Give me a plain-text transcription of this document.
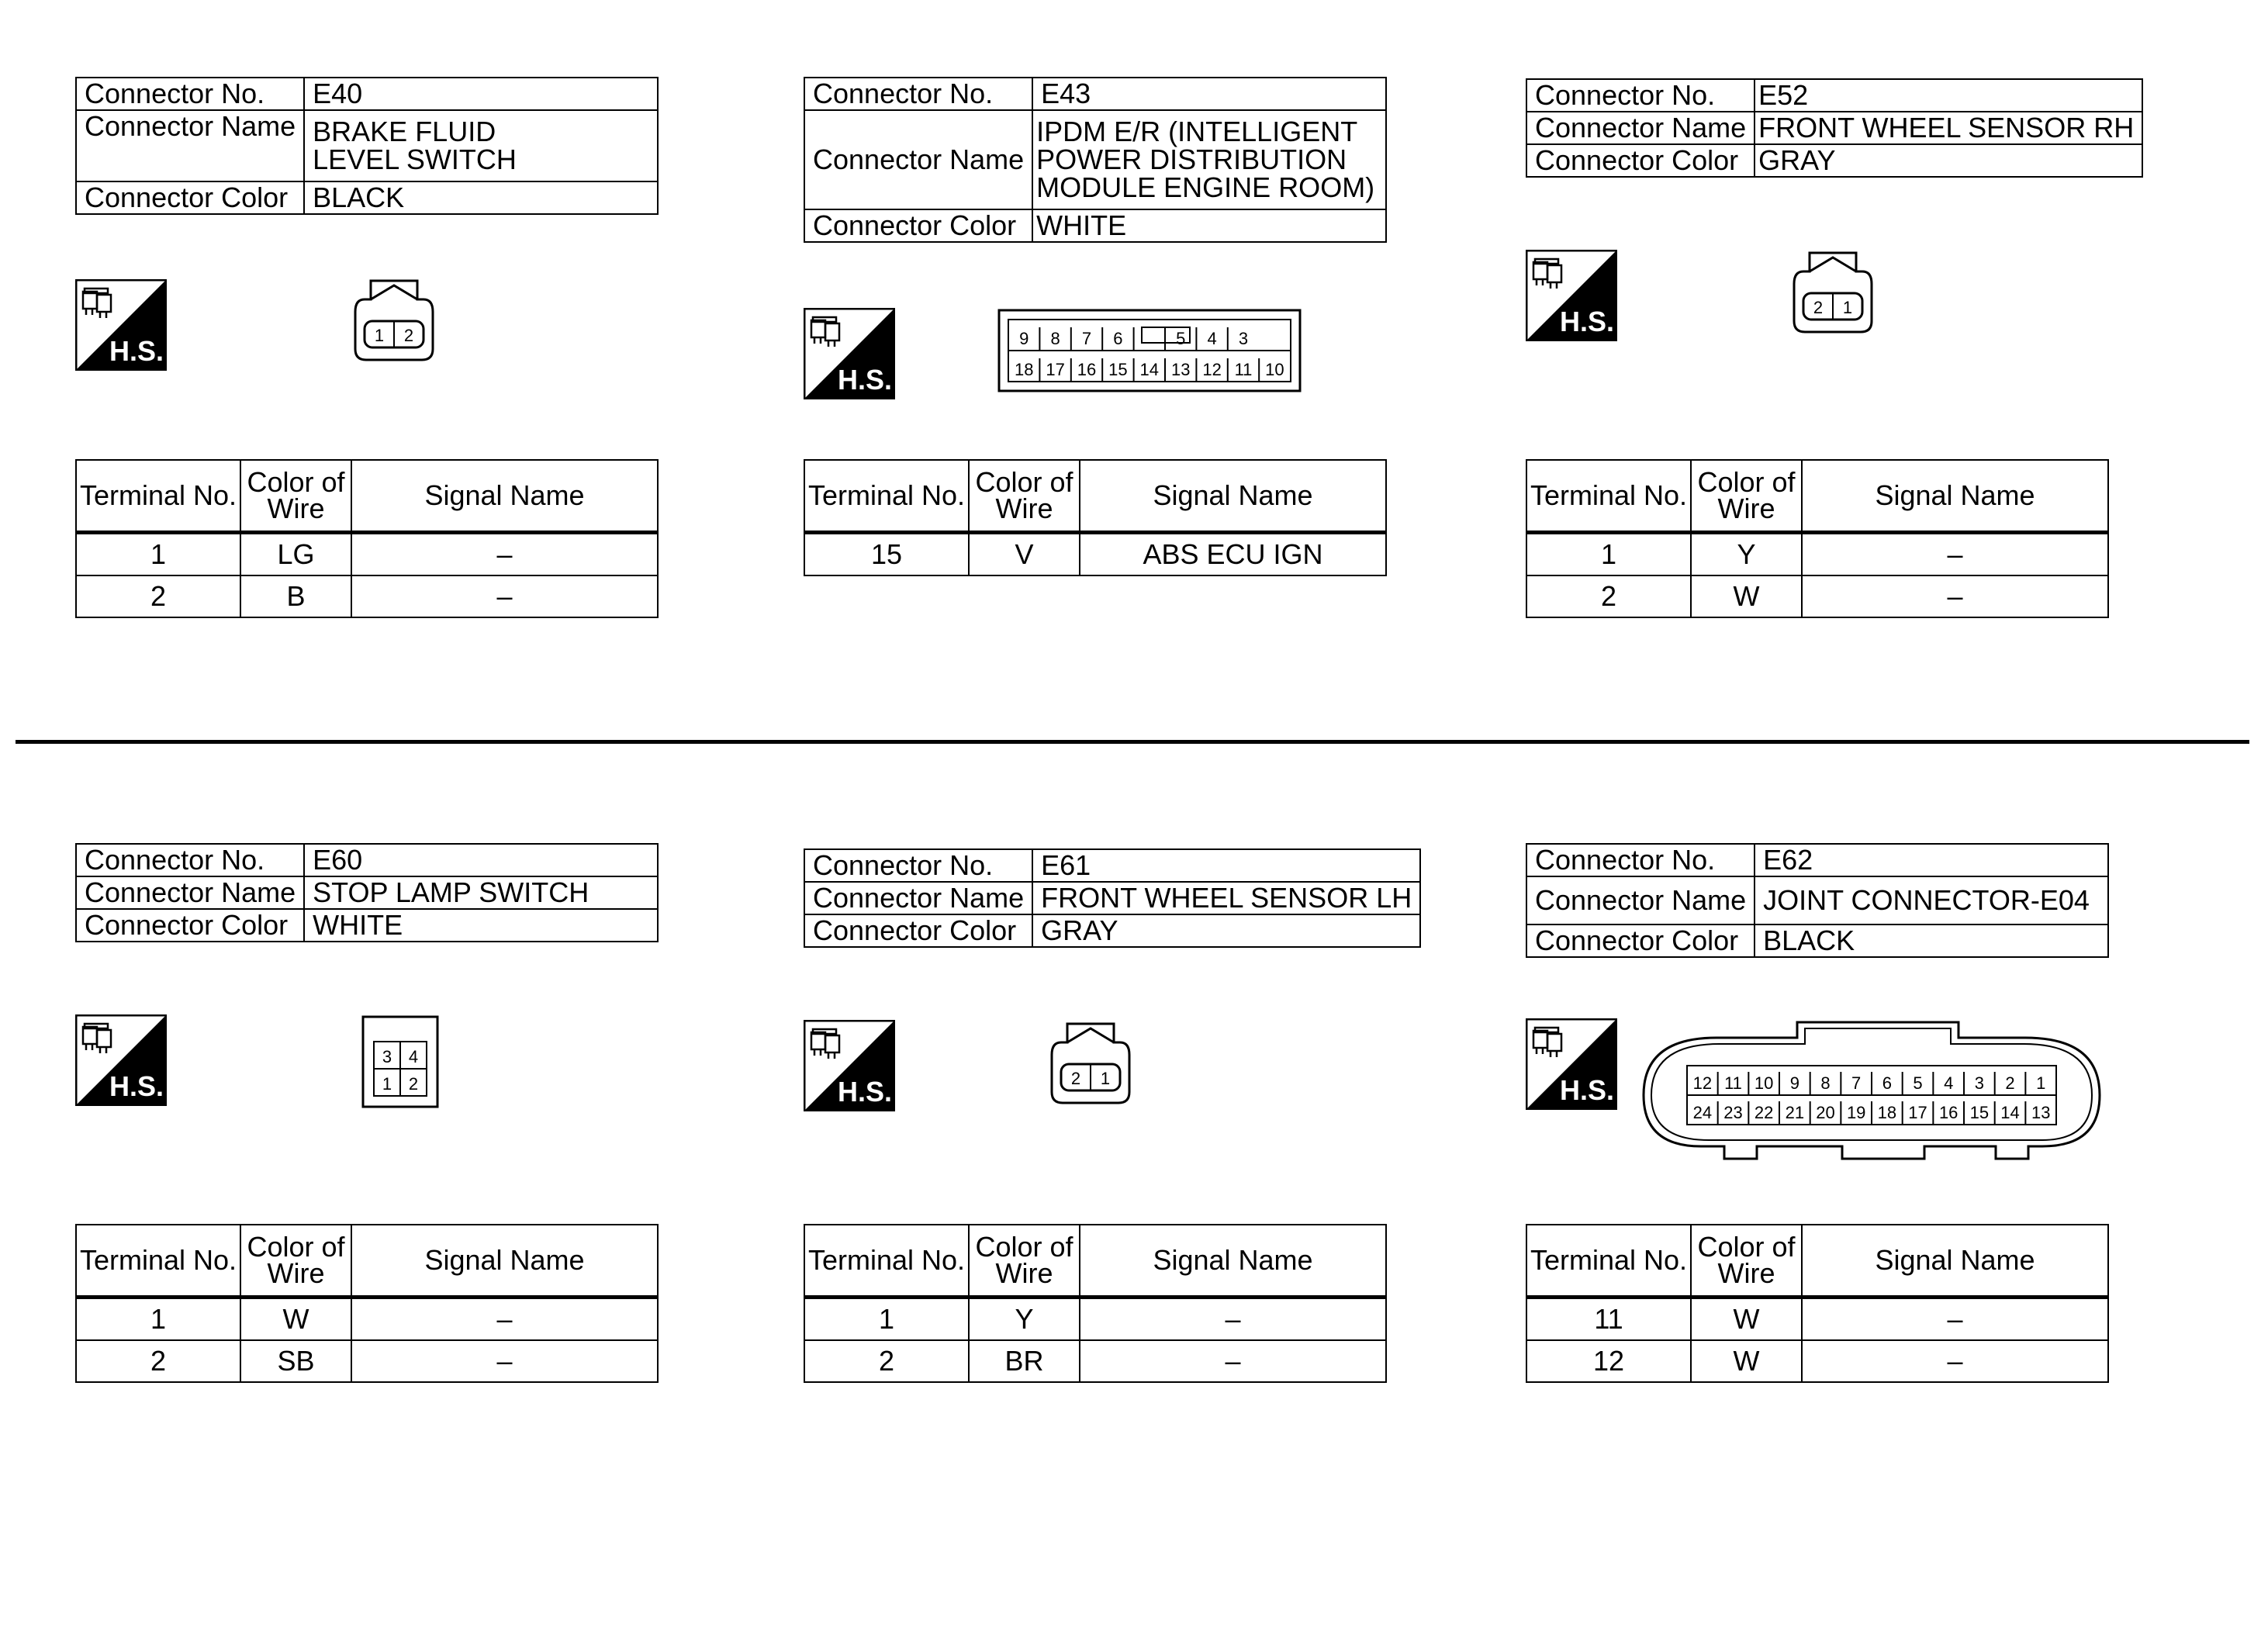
Connector No.	E40
Connector Name	BRAKE FLUID LEVEL SWITCH
Connector Color	BLACK
1 2
Terminal No.	Color of Wire	Signal Name
1	LG	–
2	B	–
Connector No.	E43
Connector Name	IPDM E/R (INTELLIGENT POWER DISTRIBUTION MODULE ENGINE ROOM)
Connector Color	WHITE
9 8 7 6	5 4 3
18 17 16 15 14 13 12 11 10
Terminal No.	Color of Wire	Signal Name
15	V	ABS ECU IGN
Connector No.	E52
Connector Name	FRONT WHEEL SENSOR RH
Connector Color	GRAY
2 1
Terminal No.	Color of Wire	Signal Name
1	Y	–
2	W	–
Connector No.	E60
Connector Name	STOP LAMP SWITCH
Connector Color	WHITE
3 4
1 2
Terminal No.	Color of Wire	Signal Name
1	W	–
2	SB	–
Connector No.	E61
Connector Name	FRONT WHEEL SENSOR LH
Connector Color	GRAY
2 1
Terminal No.	Color of Wire	Signal Name
1	Y	–
2	BR	–
Connector No.	E62
Connector Name	JOINT CONNECTOR-E04
Connector Color	BLACK
12 11 10 9 8 7 6 5 4 3 2 1
24 23 22 21 20 19 18 17 16 15 14 13
Terminal No.	Color of Wire	Signal Name
11	W	–
12	W	–
